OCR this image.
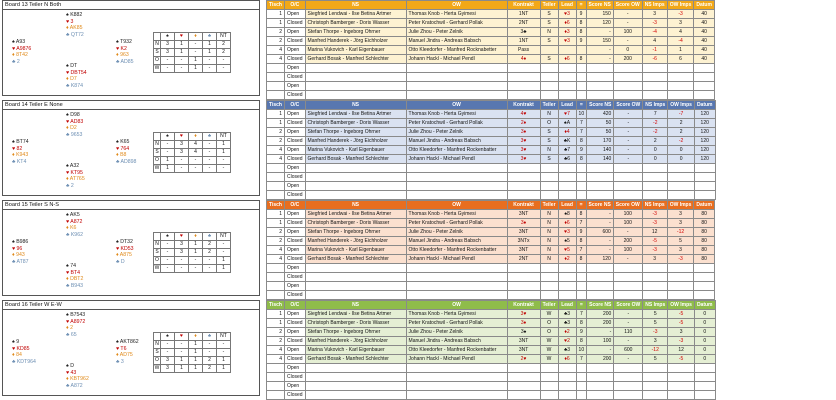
Board 13 Teiler N Both
♠ K882
♥ 3
♦ AK85
♣ QT72
♠ A93
♥ A9876
♦ 8T42
♣ 2
♠ T932
♥ K2
♦ 963
♣ AD85
♠ DT
♥ DBT54
♦ D7
♣ K874
	♠	♥	♦	♣	NT
N	3	1	-	1	2
S	3	1	-	1	2
O	-	-	1	-	-
W	-	-	1	-	-
Tisch	O/C	NS	OW	Kontrakt	Teiler	Lead	=	Score NS	Score OW	NS Imps	OW Imps	Datum
1	Open	Siegfried Lendwai - Ilse Betina Artmer	Thomas Knob - Herta Gyimesi	1NT	S	♥3	9	150	-	3	-3	40
1	Closed	Christoph Bamberger - Doris Wasser	Peter Kratochwil - Gerhard Pollak	2NT	S	♦6	8	120	-	-3	3	40
2	Open	Stefan Thorpe - Ingeborg Ohrner	Julie Zhou - Peter Zelnik	3♣	N	♦3	8	-	100	-4	4	40
2	Closed	Manfred Handerek - Jörg Eichholzer	Manuel Jindra - Andreas Babsch	1NT	S	♥3	9	150	-	4	-4	40
4	Open	Marina Vukovich - Karl Eigenbauer	Otto Kleedorfer - Manfred Rocknabetter	Pass				-	0	-1	1	40
4	Closed	Gerhard Bosak - Manfred Schlechter	Johann Hackl - Michael Pendl	4♦	S	♦6	8	-	200	-6	6	40
	Open											
	Closed											
	Open											
	Closed											
Board 14 Teiler E None
♠ D98
♥ AD83
♦ D2
♣ 9653
♠ BT74
♥ 82
♦ K943
♣ KT4
♠ K65
♥ 764
♦ B8
♣ AD898
♠ A32
♥ KT95
♦ AT765
♣ 2
	♠	♥	♦	♣	NT
N	-	3	4	-	1
S	-	3	4	-	1
O	1	-	-	-	-
W	1	-	-	-	-
Tisch	O/C	NS	OW	Kontrakt	Teiler	Lead	=	Score NS	Score OW	NS Imps	OW Imps	Datum
1	Open	Siegfried Lendwai - Ilse Betina Artmer	Thomas Knob - Herta Gyimesi	4♥	N	♥7	10	420	-	7	-7	120
1	Closed	Christoph Bamberger - Doris Wasser	Peter Kratochwil - Gerhard Pollak	2♦	O	♠A	7	50	-	-2	2	120
2	Open	Stefan Thorpe - Ingeborg Ohrner	Julie Zhou - Peter Zelnik	3♦	S	♦4	7	50	-	-2	2	120
2	Closed	Manfred Handerek - Jörg Eichholzer	Manuel Jindra - Andreas Babsch	3♥	S	♣K	8	170	-	2	-2	120
4	Open	Marina Vukovich - Karl Eigenbauer	Otto Kleedorfer - Manfred Rockenbatter	3♥	N	♣7	9	140	-	0	0	120
4	Closed	Gerhard Bosak - Manfred Schlechter	Johann Hackl - Michael Pendl	3♥	S	♣6	8	140	-	0	0	120
	Open											
	Closed											
	Open											
	Closed											
Board 15 Teiler S N-S
♠ AK5
♥ A872
♦ K6
♣ K962
♠ B986
♥ 96
♦ 943
♣ AT87
♠ DT32
♥ KD53
♦ A875
♣ D
♠ 74
♥ BT4
♦ DBT2
♣ B943
	♠	♥	♦	♣	NT
N	-	3	1	2	-
S	-	3	1	2	-
O	-	-	-	-	1
W	-	-	-	-	1
Tisch	O/C	NS	OW	Kontrakt	Teiler	Lead	=	Score NS	Score OW	NS Imps	OW Imps	Datum
1	Open	Siegfried Lendwai - Ilse Betina Artmer	Thomas Knob - Herta Gyimesi	3NT	N	♠8	8	-	100	-3	3	80
1	Closed	Christoph Bamberger - Doris Wasser	Peter Kratochwil - Gerhard Pollak	3♦	N	♦6	7	-	100	-3	3	80
2	Open	Stefan Thorpe - Ingeborg Ohrner	Julie Zhou - Peter Zelnik	3NT	N	♥3	9	600	-	12	-12	80
2	Closed	Manfred Handerek - Jörg Eichholzer	Manuel Jindra - Andreas Babsch	3NTx	N	♠5	8	-	200	-5	5	80
4	Open	Marina Vukovich - Karl Eigenbauer	Otto Kleedorfer - Manfred Rockenbatter	3NT	N	♥5	7	-	100	-3	3	80
4	Closed	Gerhard Bosak - Manfred Schlechter	Johann Hackl - Michael Pendl	2NT	N	♦2	8	120	-	3	-3	80
	Open											
	Closed											
	Open											
	Closed											
Board 16 Teiler W E-W
♠ B7543
♥ A8972
♦ 2
♣ 65
♠ 9
♥ KD85
♦ 84
♣ KDT964
♠ AKT862
♥ T6
♦ AD75
♣ 3
♠ D
♥ 43
♦ KBT962
♣ A872
	♠	♥	♦	♣	NT
N	-	-	1	-	-
S	-	-	1	-	-
O	3	1	1	2	1
W	3	1	1	2	1
Tisch	O/C	NS	OW	Kontrakt	Teiler	Lead	=	Score NS	Score OW	NS Imps	OW Imps	Datum
1	Open	Siegfried Lendwai - Ilse Betina Artmer	Thomas Knob - Herta Gyimesi	3♥	W	♣3	7	200	-	5	-5	0
1	Closed	Christoph Bamberger - Doris Wasser	Peter Kratochwil - Gerhard Pollak	3♦	O	♣3	8	200	-	5	-5	0
2	Open	Stefan Thorpe - Ingeborg Ohrner	Julie Zhou - Peter Zelnik	3♠	O	♦2	9	-	110	-3	3	0
2	Closed	Manfred Handerek - Jörg Eichholzer	Manuel Jindra - Andreas Babsch	3NT	W	♥2	8	100	-	3	-3	0
4	Open	Marina Vukovich - Karl Eigenbauer	Otto Kleedorfer - Manfred Rockenbatter	3NT	W	♣3	10	-	600	-12	12	0
4	Closed	Gerhard Bosak - Manfred Schlechter	Johann Hackl - Michael Pendl	2♥	W	♦6	7	200	-	5	-5	0
	Open											
	Closed											
	Open											
	Closed											
